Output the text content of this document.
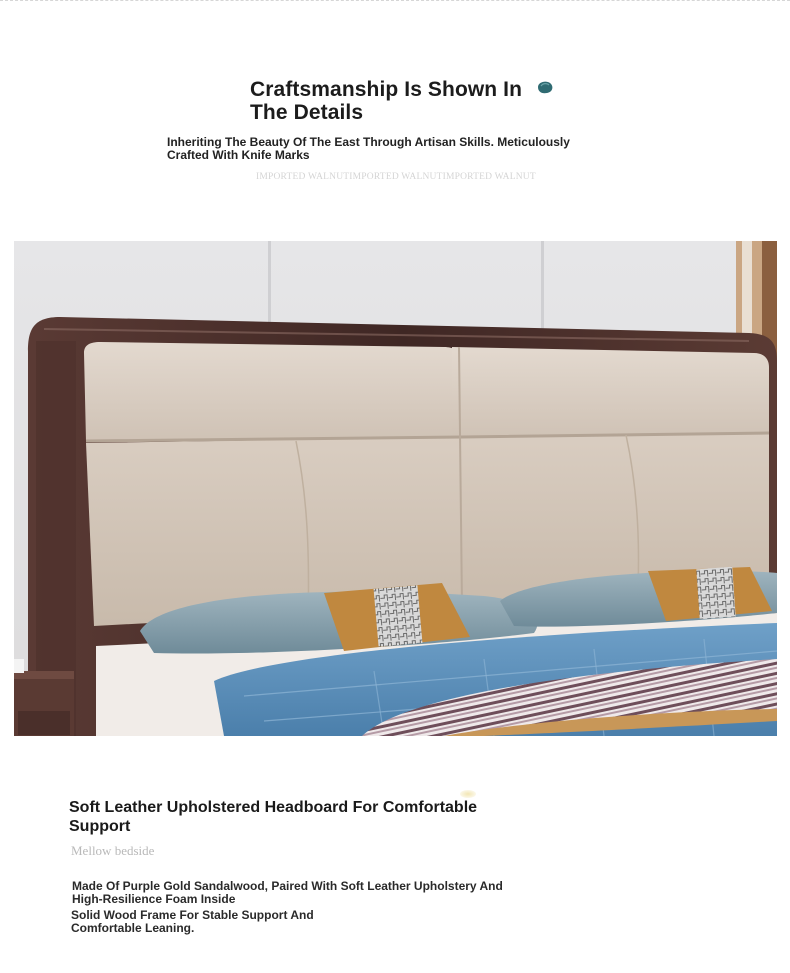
Craftsmanship Is Shown In The Details
Inheriting The Beauty Of The East Through Artisan Skills. Meticulously Crafted With Knife Marks
IMPORTED WALNUTIMPORTED WALNUTIMPORTED WALNUT
Soft Leather Upholstered Headboard For Comfortable Support
Mellow bedside
Made Of Purple Gold Sandalwood, Paired With Soft Leather Upholstery And High-Resilience Foam Inside
Solid Wood Frame For Stable Support And Comfortable Leaning.
